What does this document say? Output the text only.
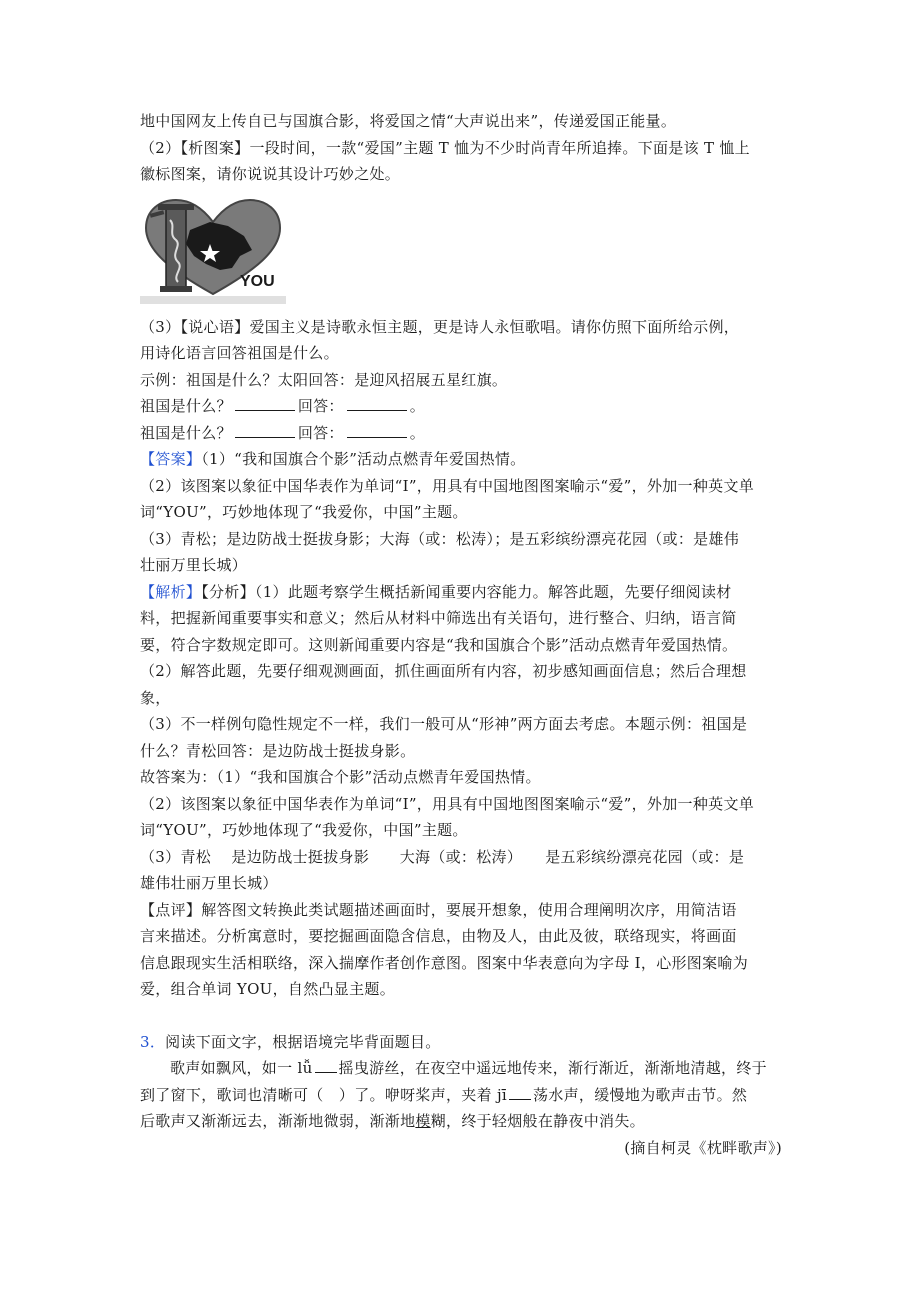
地中国网友上传自已与国旗合影，将爱国之情“大声说出来”，传递爱国正能量。
（2）【析图案】一段时间，一款“爱国”主题 T 恤为不少时尚青年所追捧。下面是该 T 恤上
徽标图案，请你说说其设计巧妙之处。
YOU
（3）【说心语】爱国主义是诗歌永恒主题，更是诗人永恒歌唱。请你仿照下面所给示例，
用诗化语言回答祖国是什么。
示例：祖国是什么？太阳回答：是迎风招展五星红旗。
祖国是什么？	回答：	。
祖国是什么？	回答：	。
【答案】（1）“我和国旗合个影”活动点燃青年爱国热情。
（2）该图案以象征中国华表作为单词“I”，用具有中国地图图案喻示“爱”，外加一种英文单
词“YOU”，巧妙地体现了“我爱你，中国”主题。
（3）青松；是边防战士挺拔身影；大海（或：松涛）；是五彩缤纷漂亮花园（或：是雄伟
壮丽万里长城）
【解析】【分析】（1）此题考察学生概括新闻重要内容能力。解答此题，先要仔细阅读材
料，把握新闻重要事实和意义；然后从材料中筛选出有关语句，进行整合、归纳，语言简
要，符合字数规定即可。这则新闻重要内容是“我和国旗合个影”活动点燃青年爱国热情。
（2）解答此题，先要仔细观测画面，抓住画面所有内容，初步感知画面信息；然后合理想
象，
（3）不一样例句隐性规定不一样，我们一般可从“形神”两方面去考虑。本题示例：祖国是
什么？青松回答：是边防战士挺拔身影。
故答案为：（1）“我和国旗合个影”活动点燃青年爱国热情。
（2）该图案以象征中国华表作为单词“I”，用具有中国地图图案喻示“爱”，外加一种英文单
词“YOU”，巧妙地体现了“我爱你，中国”主题。
（3）青松　 是边防战士挺拔身影　　大海（或：松涛）　　是五彩缤纷漂亮花园（或：是
雄伟壮丽万里长城）
【点评】解答图文转换此类试题描述画面时，要展开想象，使用合理阐明次序，用简洁语
言来描述。分析寓意时，要挖掘画面隐含信息，由物及人，由此及彼，联络现实，将画面
信息跟现实生活相联络，深入揣摩作者创作意图。图案中华表意向为字母 I，心形图案喻为
爱，组合单词 YOU，自然凸显主题。
3．阅读下面文字，根据语境完毕背面题目。
歌声如飘风，如一 lǚ 摇曳游丝，在夜空中遥远地传来，渐行渐近，渐渐地清越，终于
到了窗下，歌词也清晰可（　）了。咿呀桨声，夹着 jī 荡水声，缓慢地为歌声击节。然
后歌声又渐渐远去，渐渐地微弱，渐渐地模糊，终于轻烟般在静夜中消失。
(摘自柯灵《枕畔歌声》)
